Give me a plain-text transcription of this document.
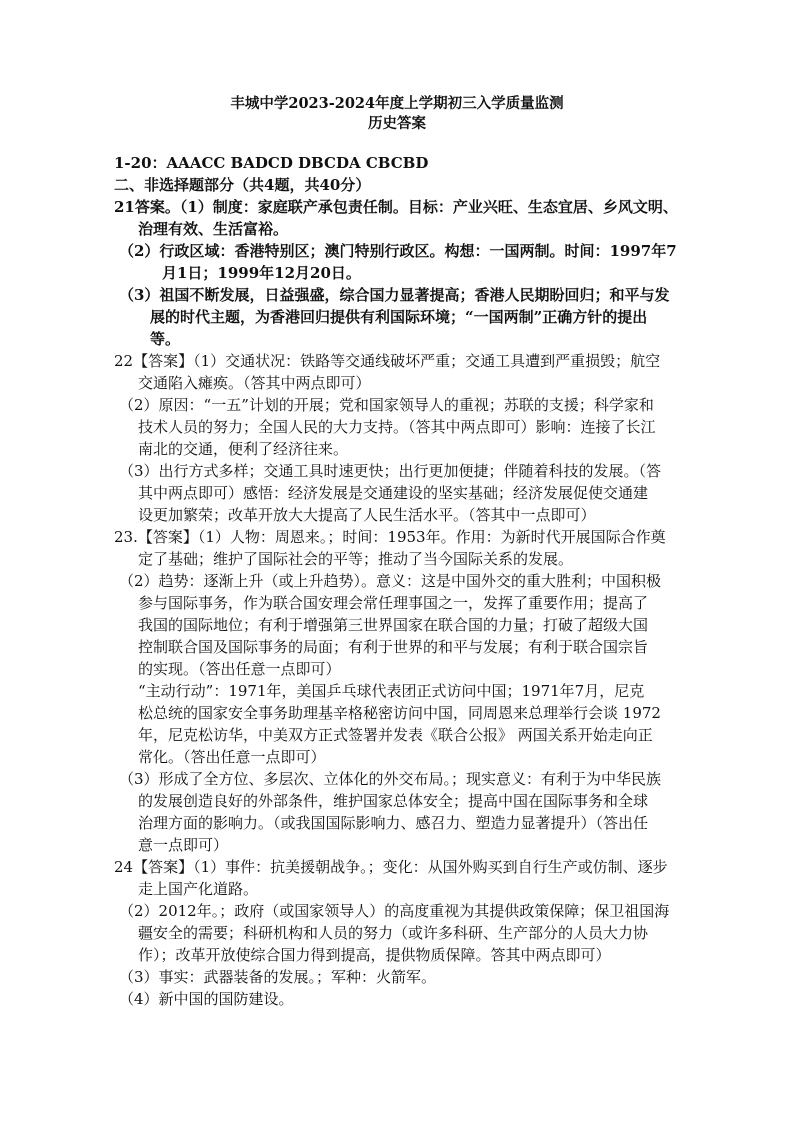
丰城中学2023-2024年度上学期初三入学质量监测
历史答案
1-20：AAACC BADCD DBCDA CBCBD
二、非选择题部分（共4题，共40分）
21答案。（1）制度：家庭联产承包责任制。目标：产业兴旺、生态宜居、乡风文明、
治理有效、生活富裕。
（2）行政区域：香港特别区；澳门特别行政区。构想：一国两制。时间：1997年7
月1日；1999年12月20日。
（3）祖国不断发展，日益强盛，综合国力显著提高；香港人民期盼回归；和平与发
展的时代主题，为香港回归提供有利国际环境；“一国两制”正确方针的提出
等。
22【答案】（1）交通状况：铁路等交通线破坏严重；交通工具遭到严重损毁；航空
交通陷入瘫痪。（答其中两点即可）
（2）原因：“一五”计划的开展；党和国家领导人的重视；苏联的支援；科学家和
技术人员的努力；全国人民的大力支持。（答其中两点即可）影响：连接了长江
南北的交通，便利了经济往来。
（3）出行方式多样；交通工具时速更快；出行更加便捷；伴随着科技的发展。（答
其中两点即可）感悟：经济发展是交通建设的坚实基础；经济发展促使交通建
设更加繁荣；改革开放大大提高了人民生活水平。（答其中一点即可）
23.【答案】（1）人物：周恩来。；时间：1953年。作用：为新时代开展国际合作奠
定了基础；维护了国际社会的平等；推动了当今国际关系的发展。
（2）趋势：逐渐上升（或上升趋势）。意义：这是中国外交的重大胜利；中国积极
参与国际事务，作为联合国安理会常任理事国之一，发挥了重要作用；提高了
我国的国际地位；有利于增强第三世界国家在联合国的力量；打破了超级大国
控制联合国及国际事务的局面；有利于世界的和平与发展；有利于联合国宗旨
的实现。（答出任意一点即可）
“主动行动”：1971年，美国乒乓球代表团正式访问中国；1971年7月，尼克
松总统的国家安全事务助理基辛格秘密访问中国，同周恩来总理举行会谈 1972
年，尼克松访华，中美双方正式签署并发表《联合公报》 两国关系开始走向正
常化。（答出任意一点即可）
（3）形成了全方位、多层次、立体化的外交布局。；现实意义：有利于为中华民族
的发展创造良好的外部条件，维护国家总体安全；提高中国在国际事务和全球
治理方面的影响力。（或我国国际影响力、感召力、塑造力显著提升）（答出任
意一点即可）
24【答案】（1）事件：抗美援朝战争。；变化：从国外购买到自行生产或仿制、逐步
走上国产化道路。
（2）2012年。；政府（或国家领导人）的高度重视为其提供政策保障；保卫祖国海
疆安全的需要；科研机构和人员的努力（或许多科研、生产部分的人员大力协
作）；改革开放使综合国力得到提高，提供物质保障。答其中两点即可）
（3）事实：武器装备的发展。；军种：火箭军。
（4）新中国的国防建设。
